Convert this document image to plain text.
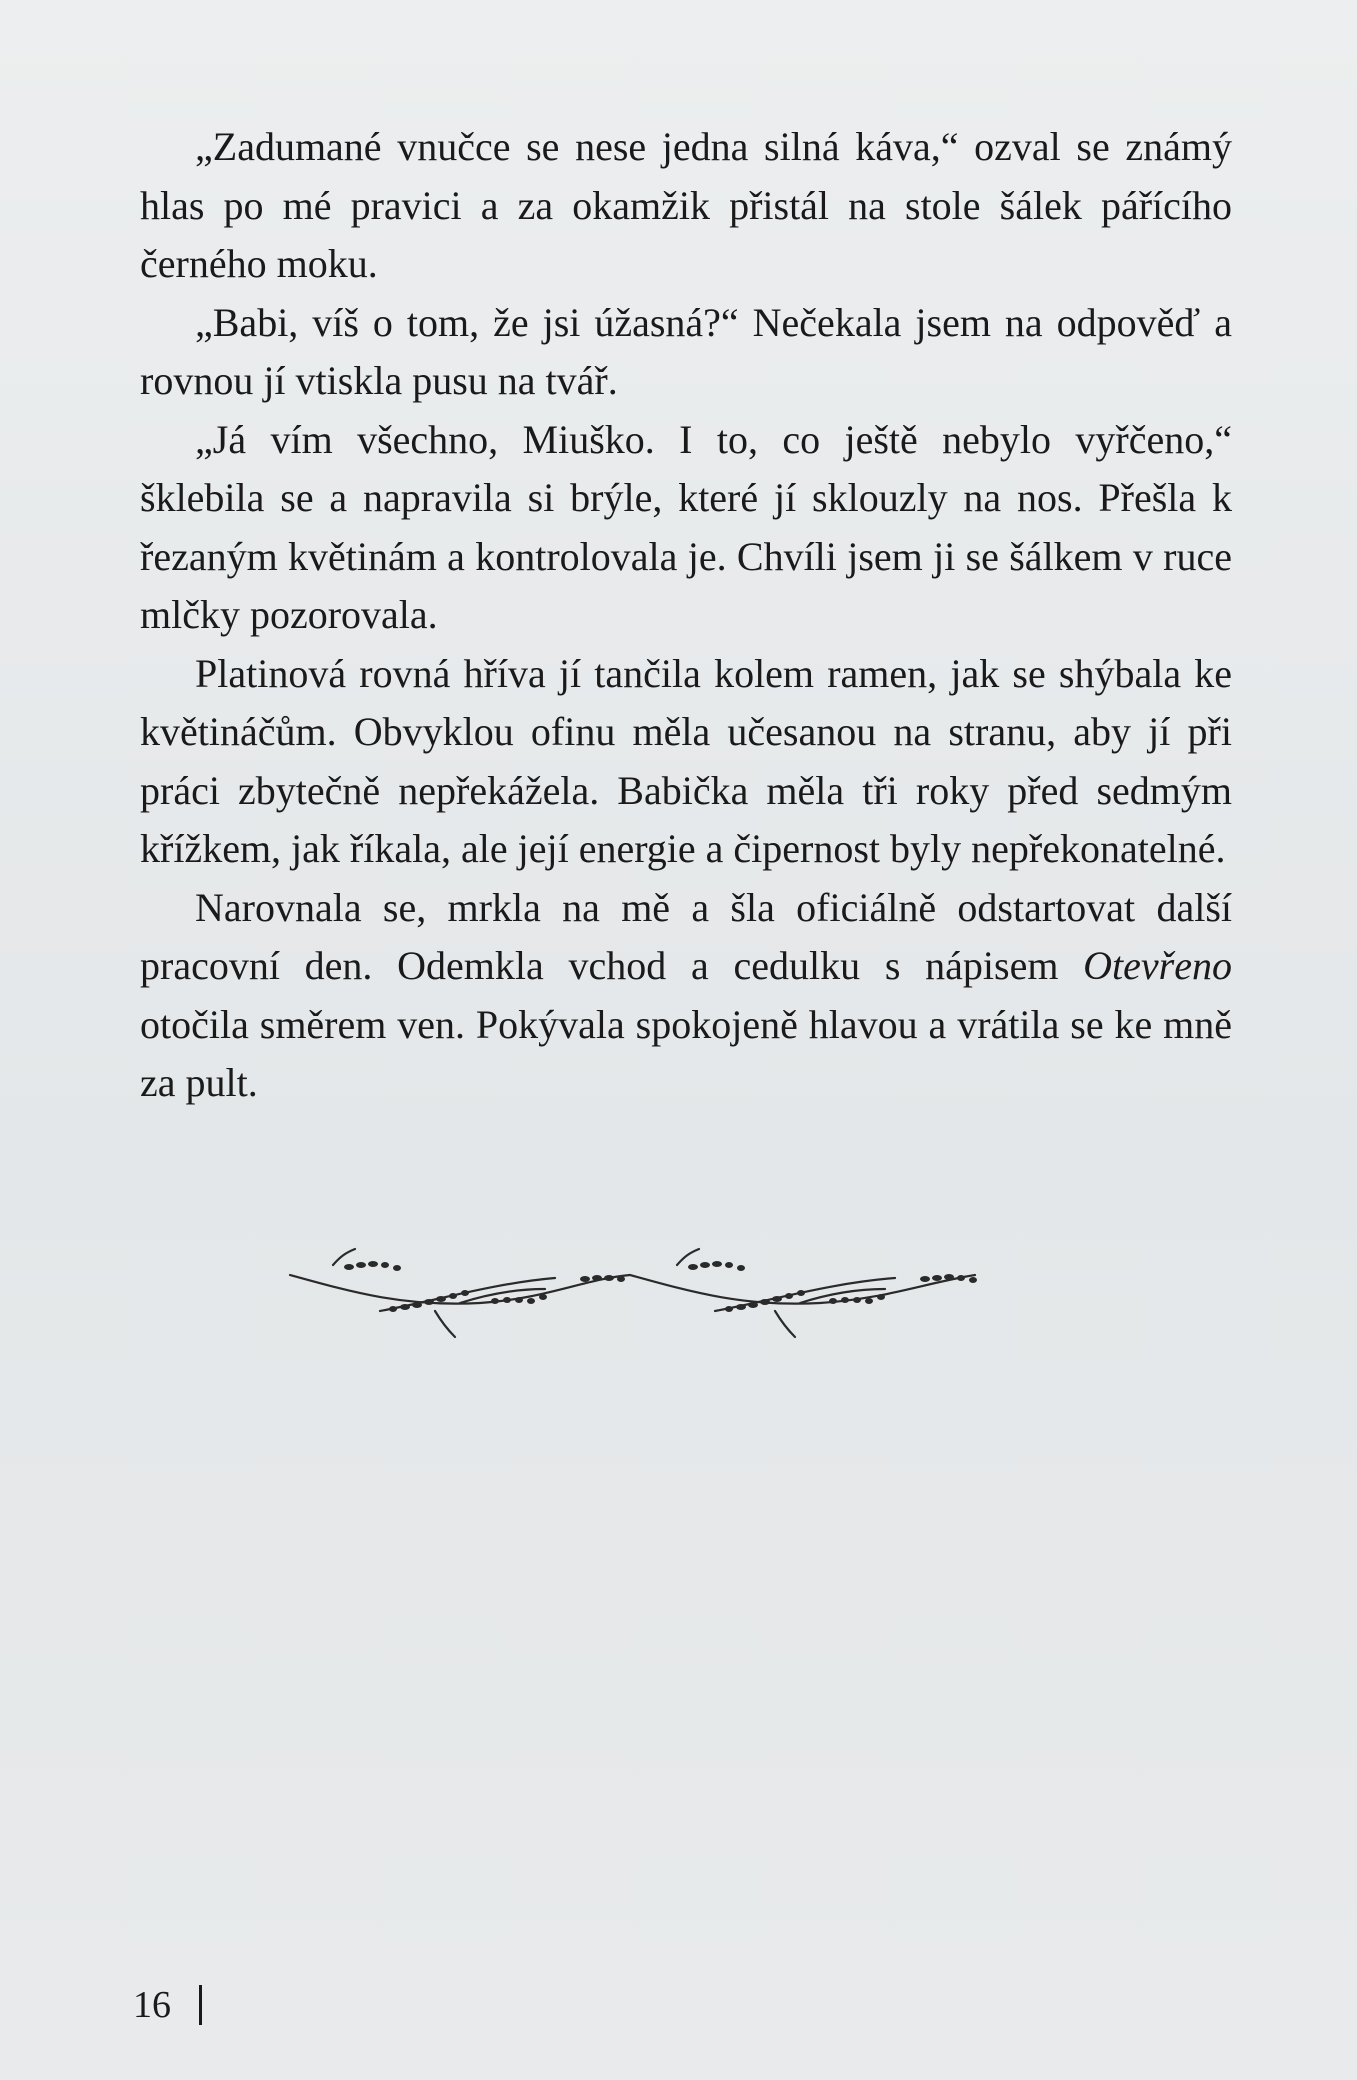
„Zadumané vnučce se nese jedna silná káva,“ ozval se známý hlas po mé pravici a za okamžik přistál na stole šálek pářícího černého moku.

„Babi, víš o tom, že jsi úžasná?“ Nečekala jsem na odpověď a rovnou jí vtiskla pusu na tvář.

„Já vím všechno, Miuško. I to, co ještě nebylo vyřčeno,“ šklebila se a napravila si brýle, které jí sklouzly na nos. Přešla k řezaným květinám a kontrolovala je. Chvíli jsem ji se šálkem v ruce mlčky pozorovala.

Platinová rovná hříva jí tančila kolem ramen, jak se shýbala ke květináčům. Obvyklou ofinu měla učesanou na stranu, aby jí při práci zbytečně nepřekážela. Babička měla tři roky před sedmým křížkem, jak říkala, ale její energie a čipernost byly nepřekonatelné.

Narovnala se, mrkla na mě a šla oficiálně odstartovat další pracovní den. Odemkla vchod a cedulku s nápisem Otevřeno otočila směrem ven. Pokývala spokojeně hlavou a vrátila se ke mně za pult.

16
